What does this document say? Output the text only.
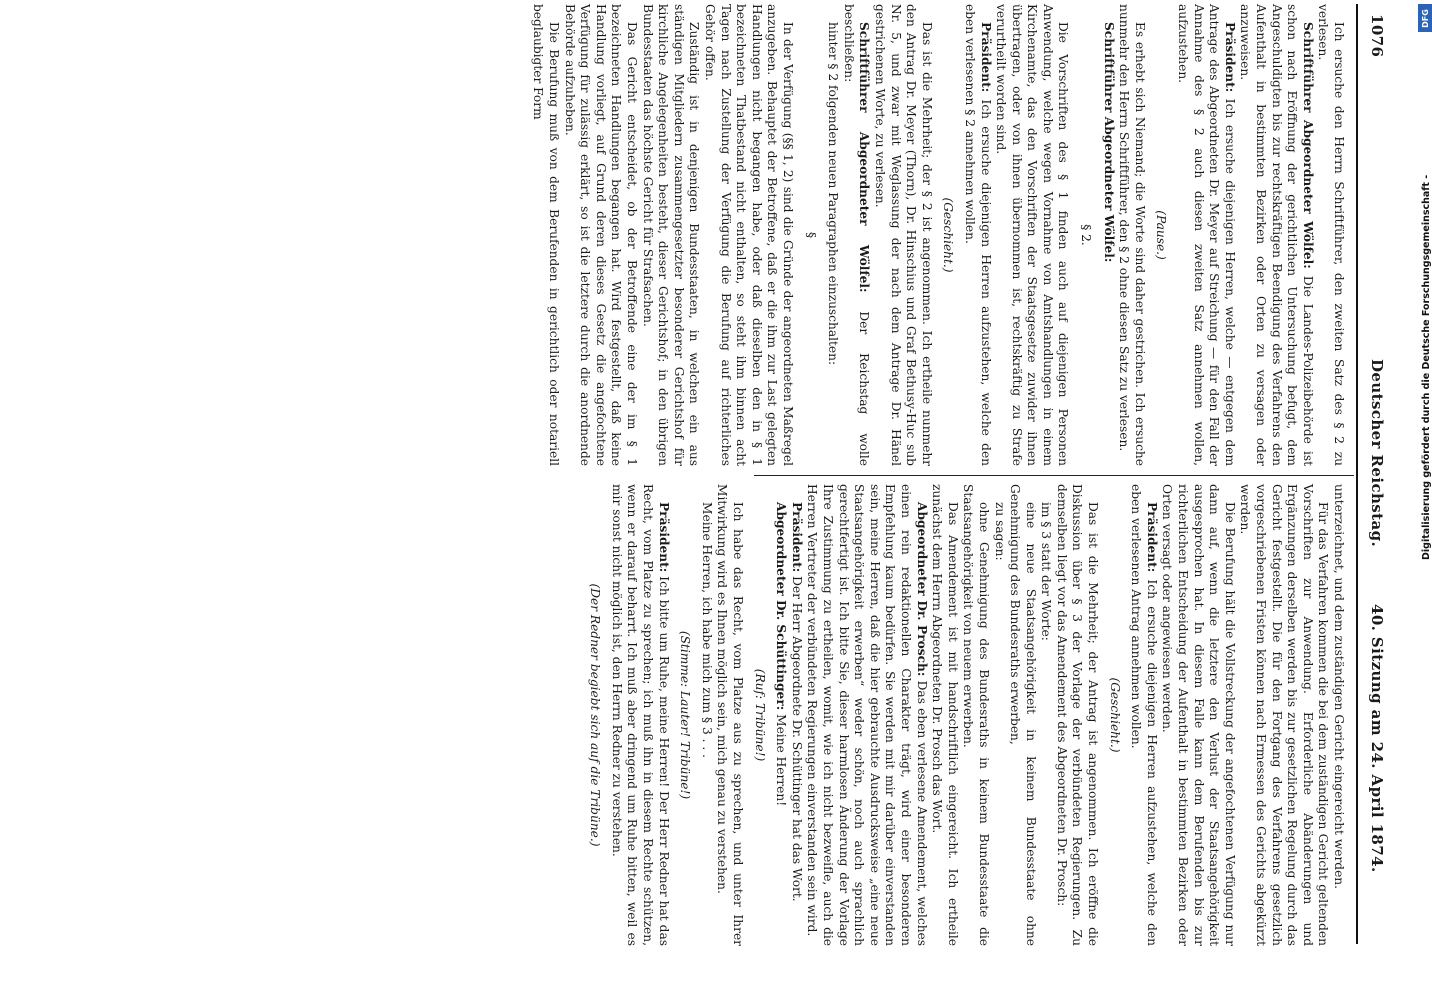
1076
Deutscher Reichstag.
40. Sitzung am 24. April 1874.

Ich ersuche den Herrn Schriftführer, den zweiten Satz des § 2 zu verlesen.

Schriftführer Abgeordneter Wölfel: Die Landes-Polizeibehörde ist schon nach Eröffnung der gerichtlichen Untersuchung befugt, dem Angeschuldigten bis zur rechtskräftigen Beendigung des Verfahrens den Aufenthalt in bestimmten Bezirken oder Orten zu versagen oder anzuweisen.

Präsident: Ich ersuche diejenigen Herren, welche — entgegen dem Antrage des Abgeordneten Dr. Meyer auf Streichung — für den Fall der Annahme des § 2 auch diesen zweiten Satz annehmen wollen, aufzustehen.

(Pause.)

Es erhebt sich Niemand; die Worte sind daher gestrichen. Ich ersuche nunmehr den Herrn Schriftführer, den § 2 ohne diesen Satz zu verlesen.

Schriftführer Abgeordneter Wölfel:

§ 2.

Die Vorschriften des § 1 finden auch auf diejenigen Personen Anwendung, welche wegen Vornahme von Amtshandlungen in einem Kirchenamte, das den Vorschriften der Staatsgesetze zuwider ihnen übertragen, oder von ihnen übernommen ist, rechtskräftig zu Strafe verurtheilt worden sind.

Präsident: Ich ersuche diejenigen Herren aufzustehen, welche den eben verlesenen § 2 annehmen wollen.

(Geschieht.)

Das ist die Mehrheit; der § 2 ist angenommen. Ich ertheile nunmehr den Antrag Dr. Meyer (Thorn), Dr. Hinschius und Graf Bethusy-Huc sub Nr. 5, und zwar mit Weglassung der nach dem Antrage Dr. Hänel gestrichenen Worte, zu verlesen.

Schriftführer Abgeordneter Wölfel: Der Reichstag wolle beschließen:

hinter § 2 folgenden neuen Paragraphen einzuschalten:

§

In der Verfügung (§§ 1, 2) sind die Gründe der angeordneten Maßregel anzugeben. Behauptet der Betroffene, daß er die ihm zur Last gelegten Handlungen nicht begangen habe, oder daß dieselben den in § 1 bezeichneten Thatbestand nicht enthalten, so steht ihm binnen acht Tagen nach Zustellung der Verfügung die Berufung auf richterliches Gehör offen.

Zuständig ist in denjenigen Bundesstaaten, in welchen ein aus ständigen Mitgliedern zusammengesetzter besonderer Gerichtshof für kirchliche Angelegenheiten besteht, dieser Gerichtshof; in den übrigen Bundesstaaten das höchste Gericht für Strafsachen.

Das Gericht entscheidet, ob der Betroffende eine der im § 1 bezeichneten Handlungen begangen hat. Wird festgestellt, daß keine Handlung vorliegt, auf Grund deren dieses Gesetz die angefochtene Verfügung für zulässig erklärt, so ist die letztere durch die anordnende Behörde aufzuheben.

Die Berufung muß von dem Berufenden in gerichtlich oder notariell beglaubigter Form

unterzeichnet, und dem zuständigen Gericht eingereicht werden.

Für das Verfahren kommen die bei dem zuständigen Gericht geltenden Vorschriften zur Anwendung. Erforderliche Abänderungen und Ergänzungen derselben werden bis zur gesetzlichen Regelung durch das Gericht festgestellt. Die für den Fortgang des Verfahrens gesetzlich vorgeschriebenen Fristen können nach Ermessen des Gerichts abgekürzt werden.

Die Berufung hält die Vollstreckung der angefochtenen Verfügung nur dann auf, wenn die letztere den Verlust der Staatsangehörigkeit ausgesprochen hat. In diesem Falle kann dem Berufenden bis zur richterlichen Entscheidung der Aufenthalt in bestimmten Bezirken oder Orten versagt oder angewiesen werden.

Präsident: Ich ersuche diejenigen Herren aufzustehen, welche den eben verlesenen Antrag annehmen wollen.

(Geschieht.)

Das ist die Mehrheit; der Antrag ist angenommen. Ich eröffne die Diskussion über § 3 der Vorlage der verbündeten Regierungen. Zu demselben liegt vor das Amendement des Abgeordneten Dr. Prosch:

im § 3 statt der Worte:

eine neue Staatsangehörigkeit in keinem Bundesstaate ohne Genehmigung des Bundesraths erwerben,

zu sagen:

ohne Genehmigung des Bundesraths in keinem Bundesstaate die Staatsangehörigkeit von neuem erwerben.

Das Amendement ist mit handschriftlich eingereicht. Ich ertheile zunächst dem Herrn Abgeordneten Dr. Prosch das Wort.

Abgeordneter Dr. Prosch: Das eben verlesene Amendement, welches einen rein redaktionellen Charakter trägt, wird einer besonderen Empfehlung kaum bedürfen. Sie werden mit mir darüber einverstanden sein, meine Herren, daß die hier gebrauchte Ausdrucksweise „eine neue Staatsangehörigkeit erwerben“ weder schön, noch auch sprachlich gerechtfertigt ist. Ich bitte Sie, dieser harmlosen Änderung der Vorlage Ihre Zustimmung zu ertheilen, womit, wie ich nicht bezweifle, auch die Herren Vertreter der verbündeten Regierungen einverstanden sein wird.

Präsident: Der Herr Abgeordnete Dr. Schüttinger hat das Wort.

Abgeordneter Dr. Schüttinger: Meine Herren!

(Ruf: Tribüne!)

Ich habe das Recht, vom Platze aus zu sprechen, und unter Ihrer Mitwirkung wird es Ihnen möglich sein, mich genau zu verstehen.

Meine Herren, ich habe mich zum § 3 . . .

(Stimme: Lauter! Tribüne!)

Präsident: Ich bitte um Ruhe, meine Herren! Der Herr Redner hat das Recht, vom Platze zu sprechen; ich muß ihn in diesem Rechte schützen, wenn er darauf beharrt. Ich muß aber dringend um Ruhe bitten, weil es mir sonst nicht möglich ist, den Herrn Redner zu verstehen.

(Der Redner begiebt sich auf die Tribüne.)

Digitalisierung gefördert durch die Deutsche Forschungsgemeinschaft -
DFG
